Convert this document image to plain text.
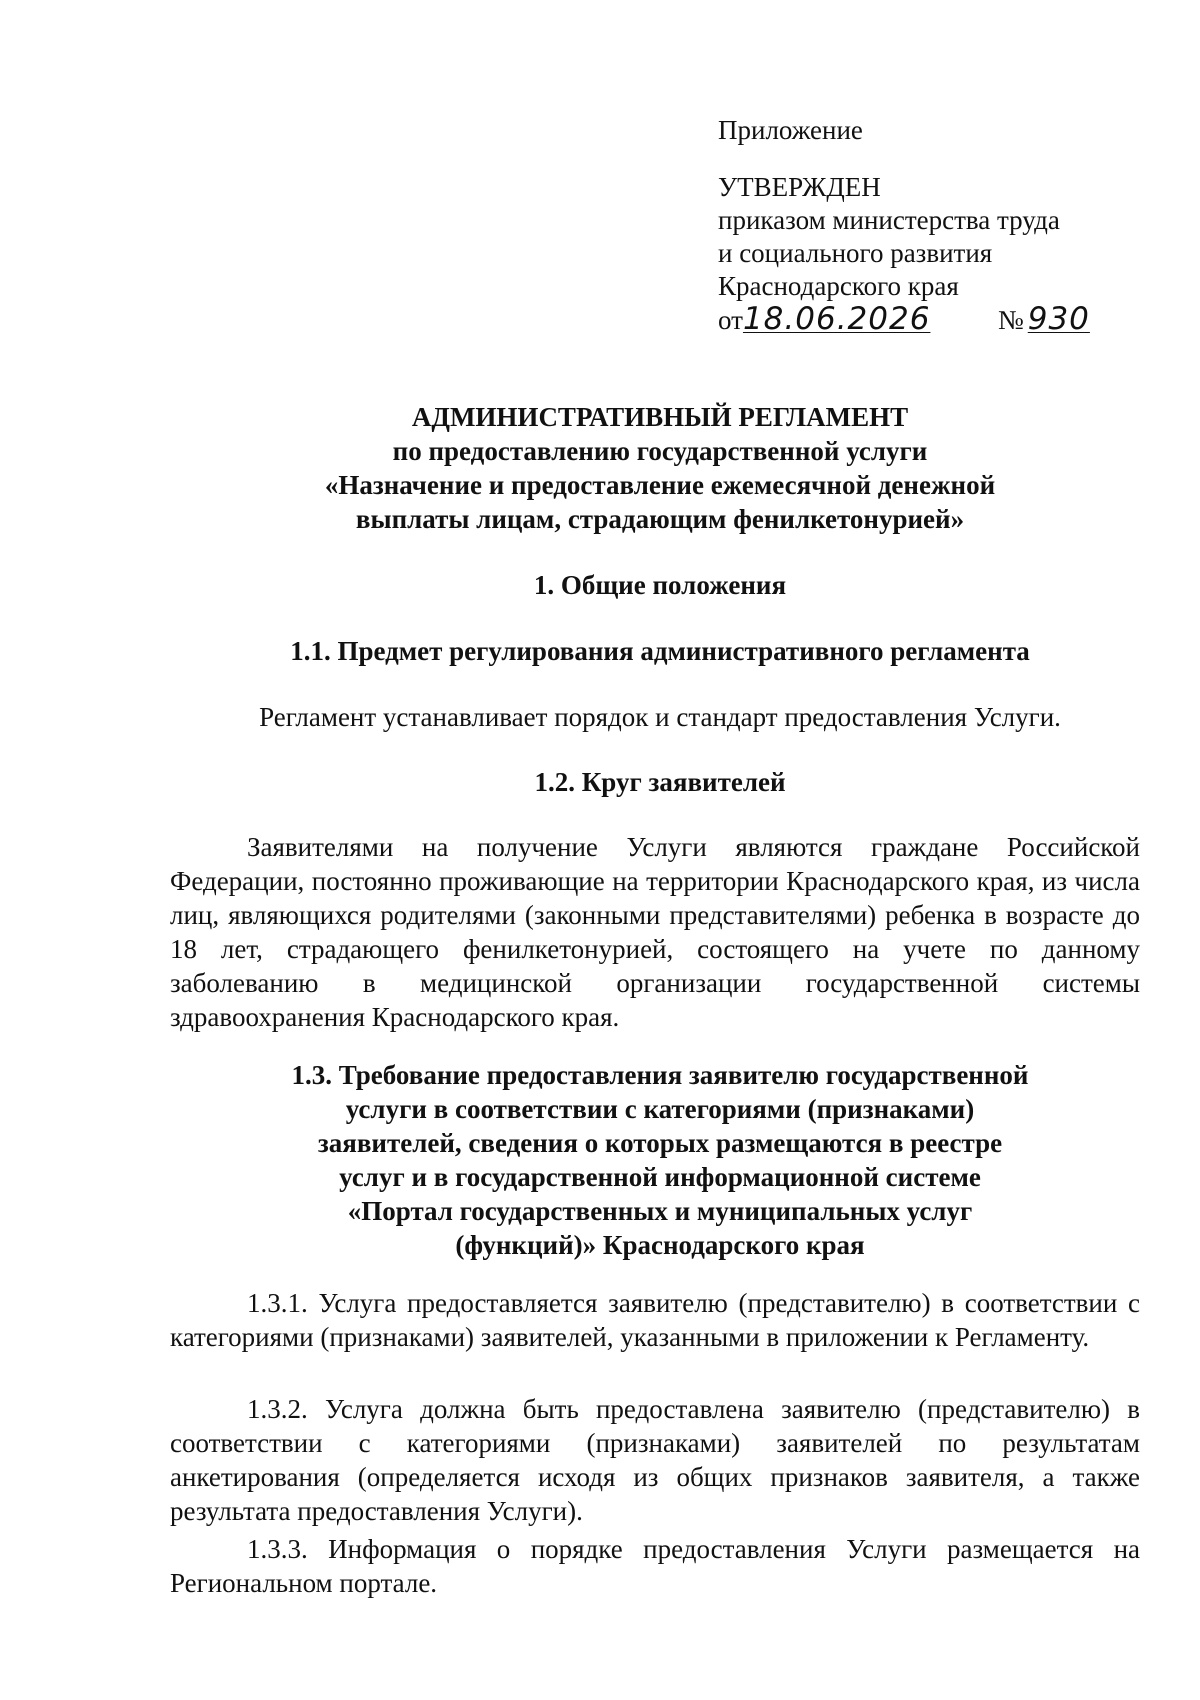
Приложение
УТВЕРЖДЕН
приказом министерства труда
и социального развития
Краснодарского края
от18.06.2026	№ 930
АДМИНИСТРАТИВНЫЙ РЕГЛАМЕНТ
по предоставлению государственной услуги
«Назначение и предоставление ежемесячной денежной
выплаты лицам, страдающим фенилкетонурией»
1. Общие положения
1.1. Предмет регулирования административного регламента
Регламент устанавливает порядок и стандарт предоставления Услуги.
1.2. Круг заявителей
Заявителями на получение Услуги являются граждане Российской Федерации, постоянно проживающие на территории Краснодарского края, из числа лиц, являющихся родителями (законными представителями) ребенка в возрасте до 18 лет, страдающего фенилкетонурией, состоящего на учете по данному заболеванию в медицинской организации государственной системы здравоохранения Краснодарского края.
1.3. Требование предоставления заявителю государственной
услуги в соответствии с категориями (признаками)
заявителей, сведения о которых размещаются в реестре
услуг и в государственной информационной системе
«Портал государственных и муниципальных услуг
(функций)» Краснодарского края
1.3.1. Услуга предоставляется заявителю (представителю) в соответствии с категориями (признаками) заявителей, указанными в приложении к Регламенту.
1.3.2. Услуга должна быть предоставлена заявителю (представителю) в соответствии с категориями (признаками) заявителей по результатам анкетирования (определяется исходя из общих признаков заявителя, а также результата предоставления Услуги).
1.3.3. Информация о порядке предоставления Услуги размещается на Региональном портале.
